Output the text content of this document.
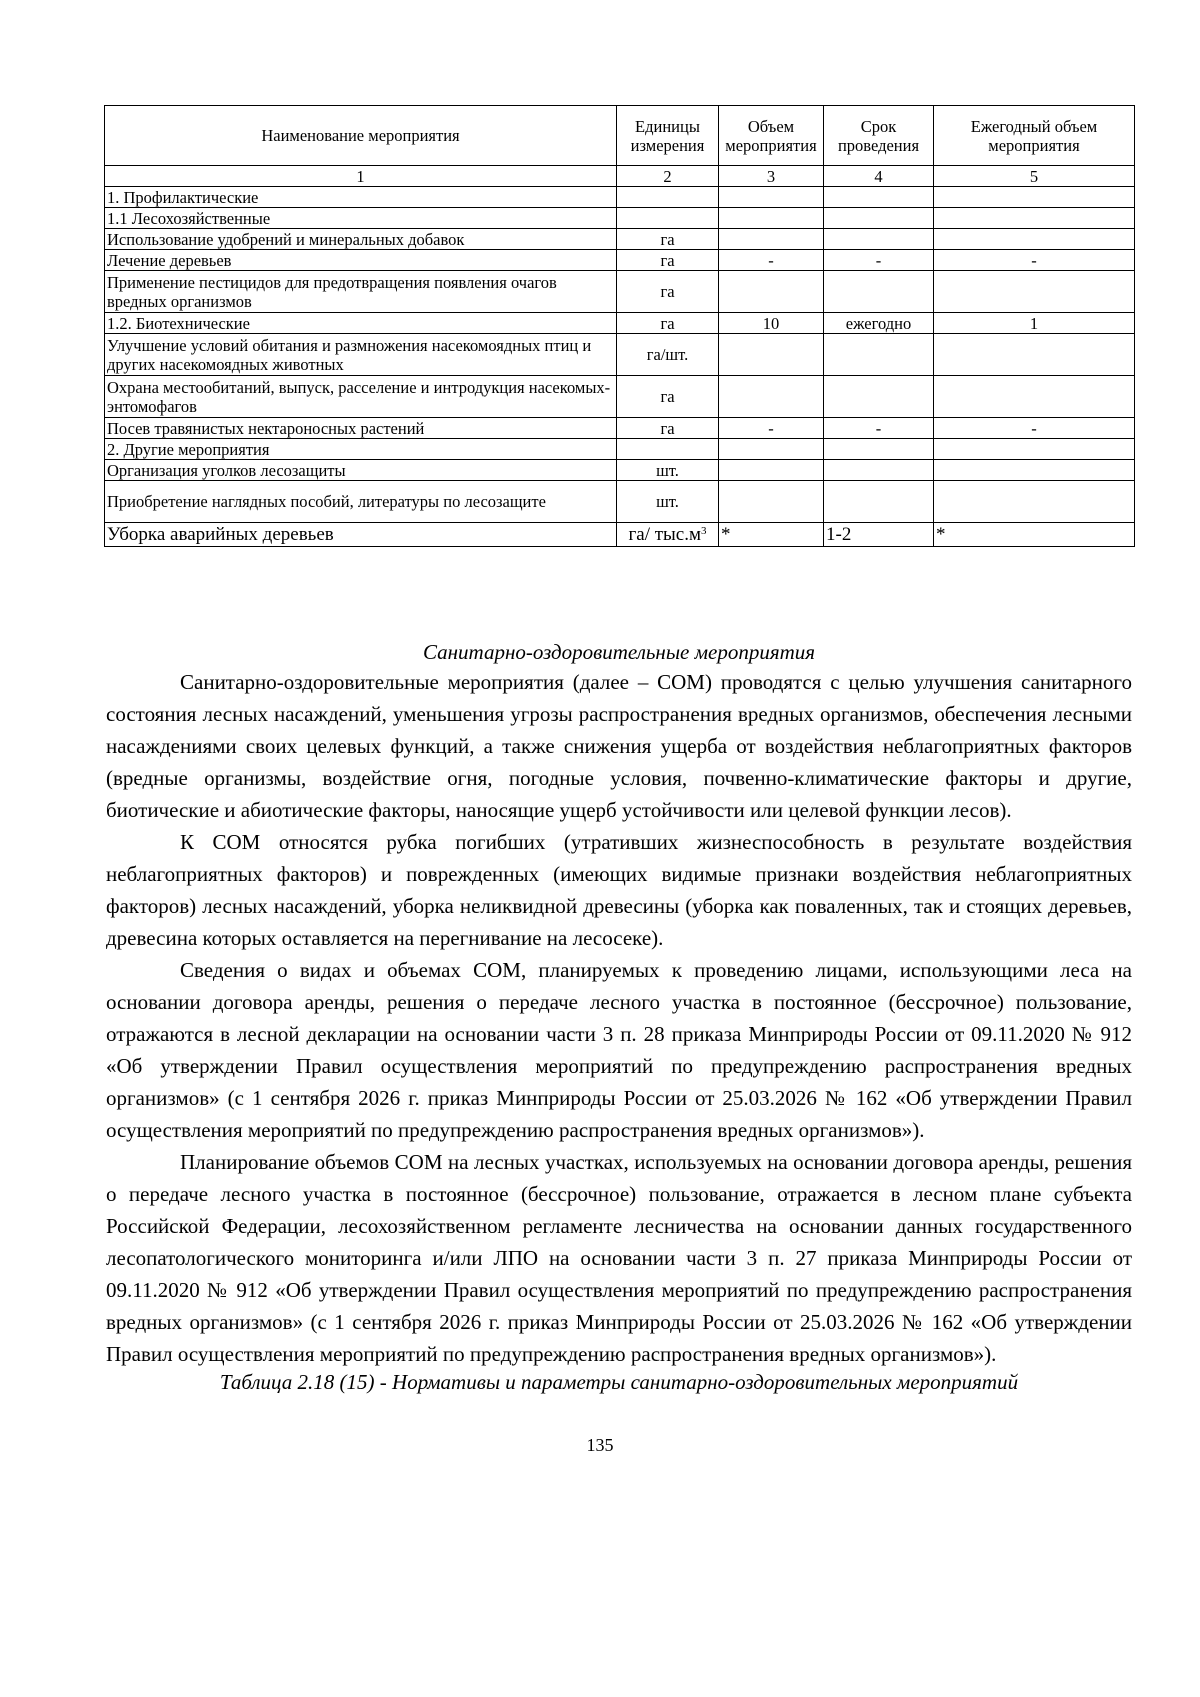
Наименование мероприятия	Единицы измерения	Объем мероприятия	Срок проведения	Ежегодный объем мероприятия
1	2	3	4	5
1. Профилактические				
1.1 Лесохозяйственные				
Использование удобрений и минеральных добавок	га			
Лечение деревьев	га	-	-	-
Применение пестицидов для предотвращения появления очагов вредных организмов	га			
1.2. Биотехнические	га	10	ежегодно	1
Улучшение условий обитания и размножения насекомоядных птиц и других насекомоядных животных	га/шт.			
Охрана местообитаний, выпуск, расселение и интродукция насекомых-энтомофагов	га			
Посев травянистых нектароносных растений	га	-	-	-
2. Другие мероприятия				
Организация уголков лесозащиты	шт.			
Приобретение наглядных пособий, литературы по лесозащите	шт.			
Уборка аварийных деревьев	га/ $тыс.м^3$	*	1-2	*
Санитарно-оздоровительные мероприятия

Санитарно-оздоровительные мероприятия (далее – СОМ) проводятся с целью улучшения санитарного состояния лесных насаждений, уменьшения угрозы распространения вредных организмов, обеспечения лесными насаждениями своих целевых функций, а также снижения ущерба от воздействия неблагоприятных факторов (вредные организмы, воздействие огня, погодные условия, почвенно-климатические факторы и другие, биотические и абиотические факторы, наносящие ущерб устойчивости или целевой функции лесов).

К СОМ относятся рубка погибших (утративших жизнеспособность в результате воздействия неблагоприятных факторов) и поврежденных (имеющих видимые признаки воздействия неблагоприятных факторов) лесных насаждений, уборка неликвидной древесины (уборка как поваленных, так и стоящих деревьев, древесина которых оставляется на перегнивание на лесосеке).

Сведения о видах и объемах СОМ, планируемых к проведению лицами, использующими леса на основании договора аренды, решения о передаче лесного участка в постоянное (бессрочное) пользование, отражаются в лесной декларации на основании части 3 п. 28 приказа Минприроды России от 09.11.2020 № 912 «Об утверждении Правил осуществления мероприятий по предупреждению распространения вредных организмов» (с 1 сентября 2026 г. приказ Минприроды России от 25.03.2026 № 162 «Об утверждении Правил осуществления мероприятий по предупреждению распространения вредных организмов»).

Планирование объемов СОМ на лесных участках, используемых на основании договора аренды, решения о передаче лесного участка в постоянное (бессрочное) пользование, отражается в лесном плане субъекта Российской Федерации, лесохозяйственном регламенте лесничества на основании данных государственного лесопатологического мониторинга и/или ЛПО на основании части 3 п. 27 приказа Минприроды России от 09.11.2020 № 912 «Об утверждении Правил осуществления мероприятий по предупреждению распространения вредных организмов» (с 1 сентября 2026 г. приказ Минприроды России от 25.03.2026 № 162 «Об утверждении Правил осуществления мероприятий по предупреждению распространения вредных организмов»).

Таблица 2.18 (15) - Нормативы и параметры санитарно-оздоровительных мероприятий
135
